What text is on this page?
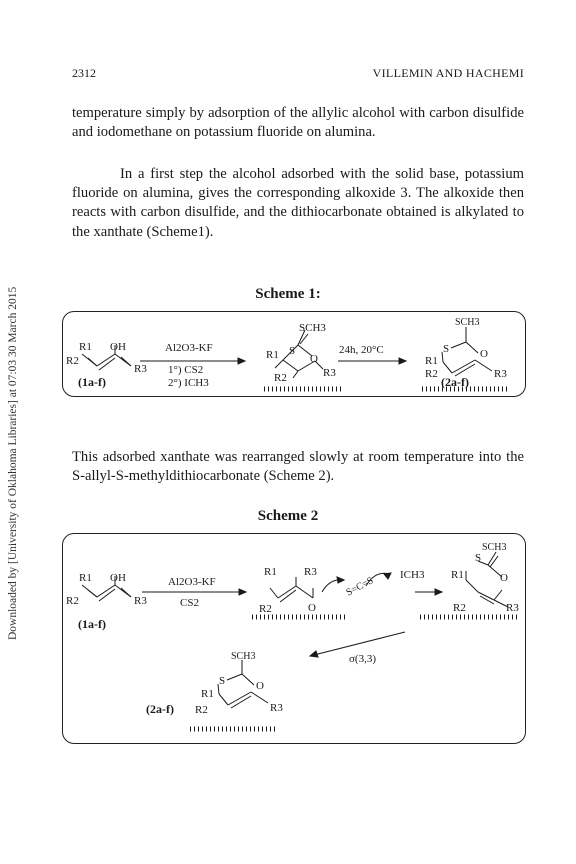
2312	VILLEMIN AND HACHEMI
Downloaded by [University of Oklahoma Libraries] at 07:03 30 March 2015
temperature simply by adsorption of the allylic alcohol with carbon disulfide and iodomethane on potassium fluoride on alumina.
In a first step the alcohol adsorbed with the solid base, potassium fluoride on alumina, gives the corresponding alkoxide 3. The alkoxide then reacts with carbon disulfide, and the dithiocarbonate obtained is alkylated to the xanthate (Scheme1).
Scheme 1:
R1 OH
R2
R3
(1a-f)
Al2O3-KF
1°) CS2
2°) ICH3
SCH3
S
O
R1
R2	R3
24h, 20°C
SCH3
S	O
R1
R2	R3
(2a-f)
This adsorbed xanthate was rearranged slowly at room temperature into the S-allyl-S-methyldithiocarbonate (Scheme 2).
Scheme 2
R1 OH
R2	R3
(1a-f)
Al2O3-KF
CS2
R1 R3
R2	O
S=C=S
ICH3
SCH3
S
O
R1
R2	R3
σ(3,3)
SCH3
S	O
R1
R2	R3
(2a-f)
